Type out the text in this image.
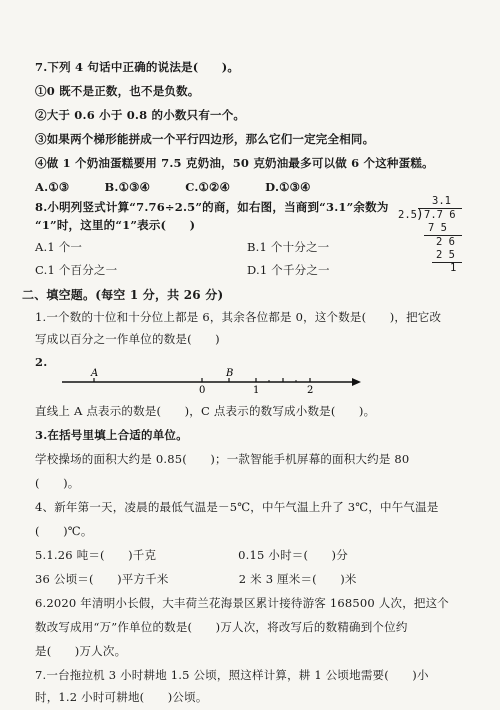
7.下列 4 句话中正确的说法是(　　)。
①0 既不是正数，也不是负数。
②大于 0.6 小于 0.8 的小数只有一个。
③如果两个梯形能拼成一个平行四边形，那么它们一定完全相同。
④做 1 个奶油蛋糕要用 7.5 克奶油，50 克奶油最多可以做 6 个这种蛋糕。
A.①③　　　B.①③④　　　C.①②④　　　D.①③④
8.小明列竖式计算“7.76÷2.5”的商，如右图，当商到“3.1”余数为
“1”时，这里的“1”表示(　　)
A.1 个一	B.1 个十分之一
C.1 个百分之一	D.1 个千分之一
3.1
2.5 ) 7.7 6
7 5
2 6
2 5
1
二、填空题。(每空 1 分，共 26 分)
1.一个数的十位和十分位上都是 6，其余各位都是 0，这个数是(　　)，把它改
写成以百分之一作单位的数是(　　)
2.
A	B
0	1	2
直线上 A 点表示的数是(　　)，C 点表示的数写成小数是(　　)。
3.在括号里填上合适的单位。
学校操场的面积大约是 0.85(　　)；一款智能手机屏幕的面积大约是 80
(　　)。
4、新年第一天，凌晨的最低气温是－5℃，中午气温上升了 3℃，中午气温是
(　　)℃。
5.1.26 吨＝(　　)千克　　　　　　　0.15 小时＝(　　)分
36 公顷＝(　　)平方千米　　　　　　2 米 3 厘米＝(　　)米
6.2020 年清明小长假，大丰荷兰花海景区累计接待游客 168500 人次，把这个
数改写成用“万”作单位的数是(　　)万人次，将改写后的数精确到个位约
是(　　)万人次。
7.一台拖拉机 3 小时耕地 1.5 公顷，照这样计算，耕 1 公顷地需要(　　)小
时，1.2 小时可耕地(　　)公顷。
